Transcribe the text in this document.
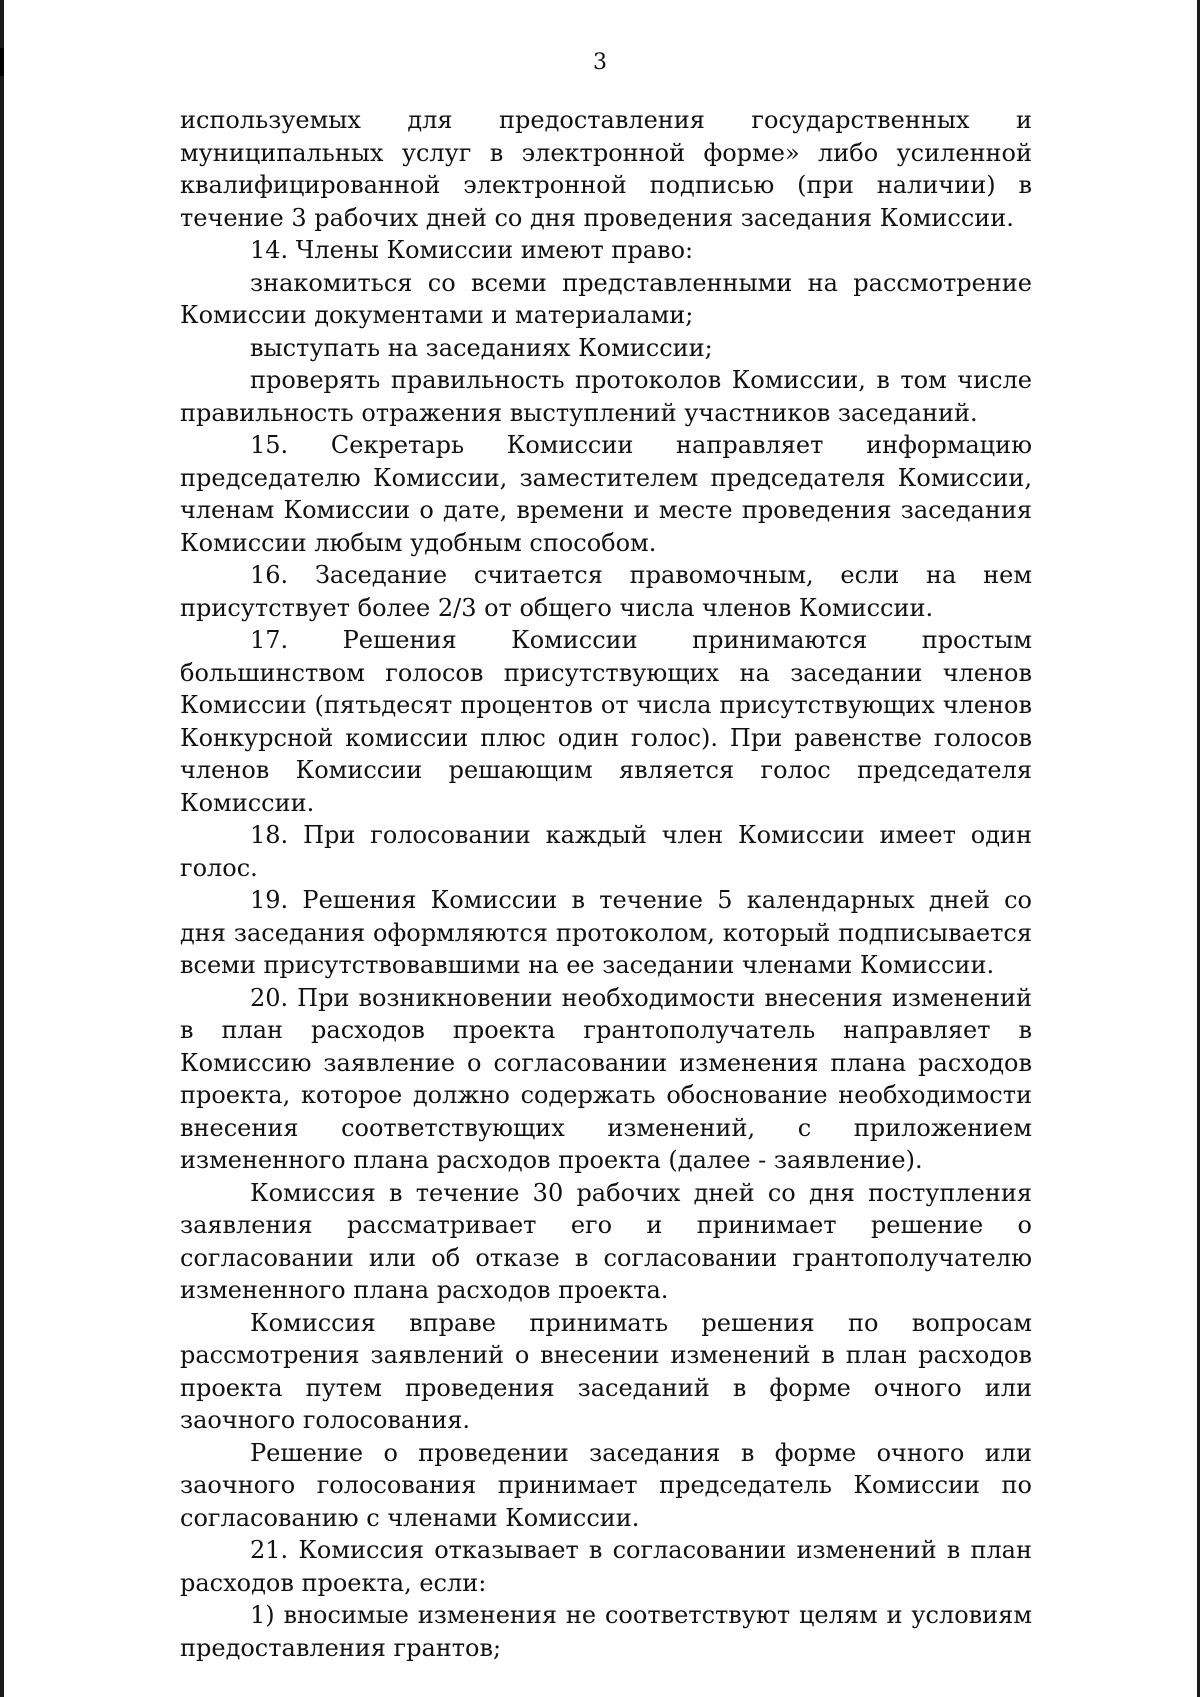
3

используемых для предоставления государственных и муниципальных услуг в электронной форме» либо усиленной квалифицированной электронной подписью (при наличии) в течение 3 рабочих дней со дня проведения заседания Комиссии.

14. Члены Комиссии имеют право:

знакомиться со всеми представленными на рассмотрение Комиссии документами и материалами;

выступать на заседаниях Комиссии;

проверять правильность протоколов Комиссии, в том числе правильность отражения выступлений участников заседаний.

15. Секретарь Комиссии направляет информацию председателю Комиссии, заместителем председателя Комиссии, членам Комиссии о дате, времени и месте проведения заседания Комиссии любым удобным способом.

16. Заседание считается правомочным, если на нем присутствует более 2/3 от общего числа членов Комиссии.

17. Решения Комиссии принимаются простым большинством голосов присутствующих на заседании членов Комиссии (пятьдесят процентов от числа присутствующих членов Конкурсной комиссии плюс один голос). При равенстве голосов членов Комиссии решающим является голос председателя Комиссии.

18. При голосовании каждый член Комиссии имеет один голос.

19. Решения Комиссии в течение 5 календарных дней со дня заседания оформляются протоколом, который подписывается всеми присутствовавшими на ее заседании членами Комиссии.

20. При возникновении необходимости внесения изменений в план расходов проекта грантополучатель направляет в Комиссию заявление о согласовании изменения плана расходов проекта, которое должно содержать обоснование необходимости внесения соответствующих изменений, с приложением измененного плана расходов проекта (далее - заявление).

Комиссия в течение 30 рабочих дней со дня поступления заявления рассматривает его и принимает решение о согласовании или об отказе в согласовании грантополучателю измененного плана расходов проекта.

Комиссия вправе принимать решения по вопросам рассмотрения заявлений о внесении изменений в план расходов проекта путем проведения заседаний в форме очного или заочного голосования.

Решение о проведении заседания в форме очного или заочного голосования принимает председатель Комиссии по согласованию с членами Комиссии.

21. Комиссия отказывает в согласовании изменений в план расходов проекта, если:

1) вносимые изменения не соответствуют целям и условиям предоставления грантов;
